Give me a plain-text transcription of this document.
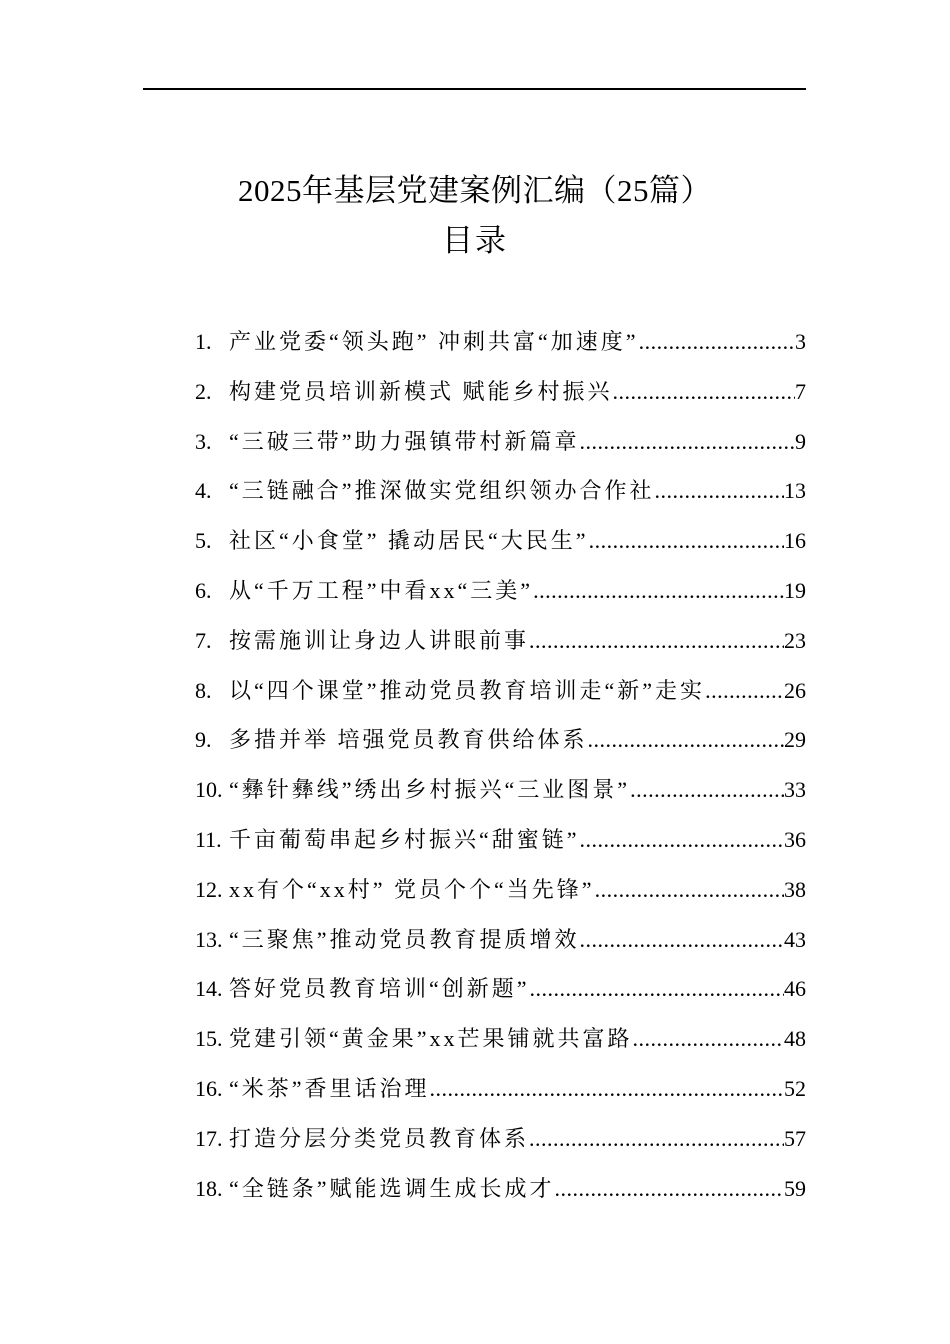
2025年基层党建案例汇编（25篇）
目录
1. 产业党委“领头跑” 冲刺共富“加速度” .....	3
2. 构建党员培训新模式 赋能乡村振兴 .....	7
3. “三破三带”助力强镇带村新篇章 .....	9
4. “三链融合”推深做实党组织领办合作社 .....	13
5. 社区“小食堂” 撬动居民“大民生” .....	16
6. 从“千万工程”中看xx“三美” .....	19
7. 按需施训让身边人讲眼前事 .....	23
8. 以“四个课堂”推动党员教育培训走“新”走实 .....	26
9. 多措并举 培强党员教育供给体系 .....	29
10. “彝针彝线”绣出乡村振兴“三业图景” .....	33
11. 千亩葡萄串起乡村振兴“甜蜜链” .....	36
12. xx有个“xx村” 党员个个“当先锋” .....	38
13. “三聚焦”推动党员教育提质增效 .....	43
14. 答好党员教育培训“创新题” .....	46
15. 党建引领“黄金果”xx芒果铺就共富路 .....	48
16. “米茶”香里话治理 .....	52
17. 打造分层分类党员教育体系 .....	57
18. “全链条”赋能选调生成长成才 .....	59
